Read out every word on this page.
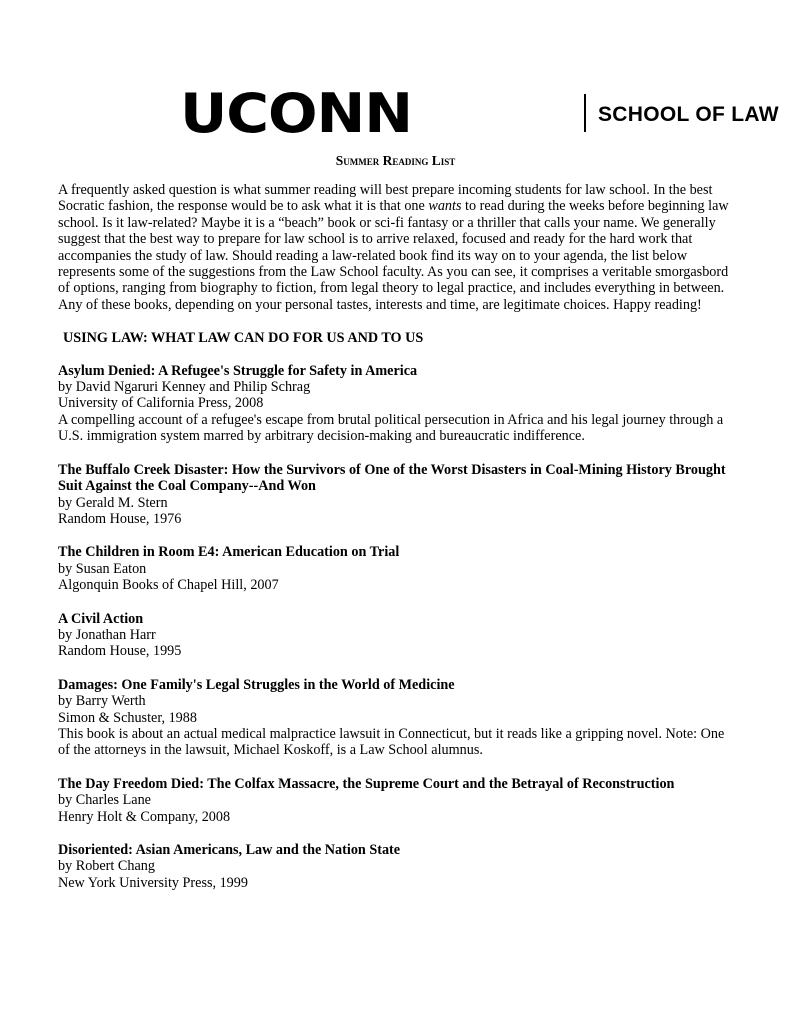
UCONN	SCHOOL OF LAW
Summer Reading List

A frequently asked question is what summer reading will best prepare incoming students for law school. In the best Socratic fashion, the response would be to ask what it is that one wants to read during the weeks before beginning law school. Is it law-related? Maybe it is a “beach” book or sci-fi fantasy or a thriller that calls your name. We generally suggest that the best way to prepare for law school is to arrive relaxed, focused and ready for the hard work that accompanies the study of law. Should reading a law-related book find its way on to your agenda, the list below represents some of the suggestions from the Law School faculty. As you can see, it comprises a veritable smorgasbord of options, ranging from biography to fiction, from legal theory to legal practice, and includes everything in between. Any of these books, depending on your personal tastes, interests and time, are legitimate choices. Happy reading!

USING LAW: WHAT LAW CAN DO FOR US AND TO US
Asylum Denied: A Refugee's Struggle for Safety in America
by David Ngaruri Kenney and Philip Schrag
University of California Press, 2008
A compelling account of a refugee's escape from brutal political persecution in Africa and his legal journey through a U.S. immigration system marred by arbitrary decision-making and bureaucratic indifference.
The Buffalo Creek Disaster: How the Survivors of One of the Worst Disasters in Coal-Mining History Brought Suit Against the Coal Company--And Won
by Gerald M. Stern
Random House, 1976
The Children in Room E4: American Education on Trial
by Susan Eaton
Algonquin Books of Chapel Hill, 2007
A Civil Action
by Jonathan Harr
Random House, 1995
Damages: One Family's Legal Struggles in the World of Medicine
by Barry Werth
Simon & Schuster, 1988
This book is about an actual medical malpractice lawsuit in Connecticut, but it reads like a gripping novel. Note: One of the attorneys in the lawsuit, Michael Koskoff, is a Law School alumnus.
The Day Freedom Died: The Colfax Massacre, the Supreme Court and the Betrayal of Reconstruction
by Charles Lane
Henry Holt & Company, 2008
Disoriented: Asian Americans, Law and the Nation State
by Robert Chang
New York University Press, 1999
